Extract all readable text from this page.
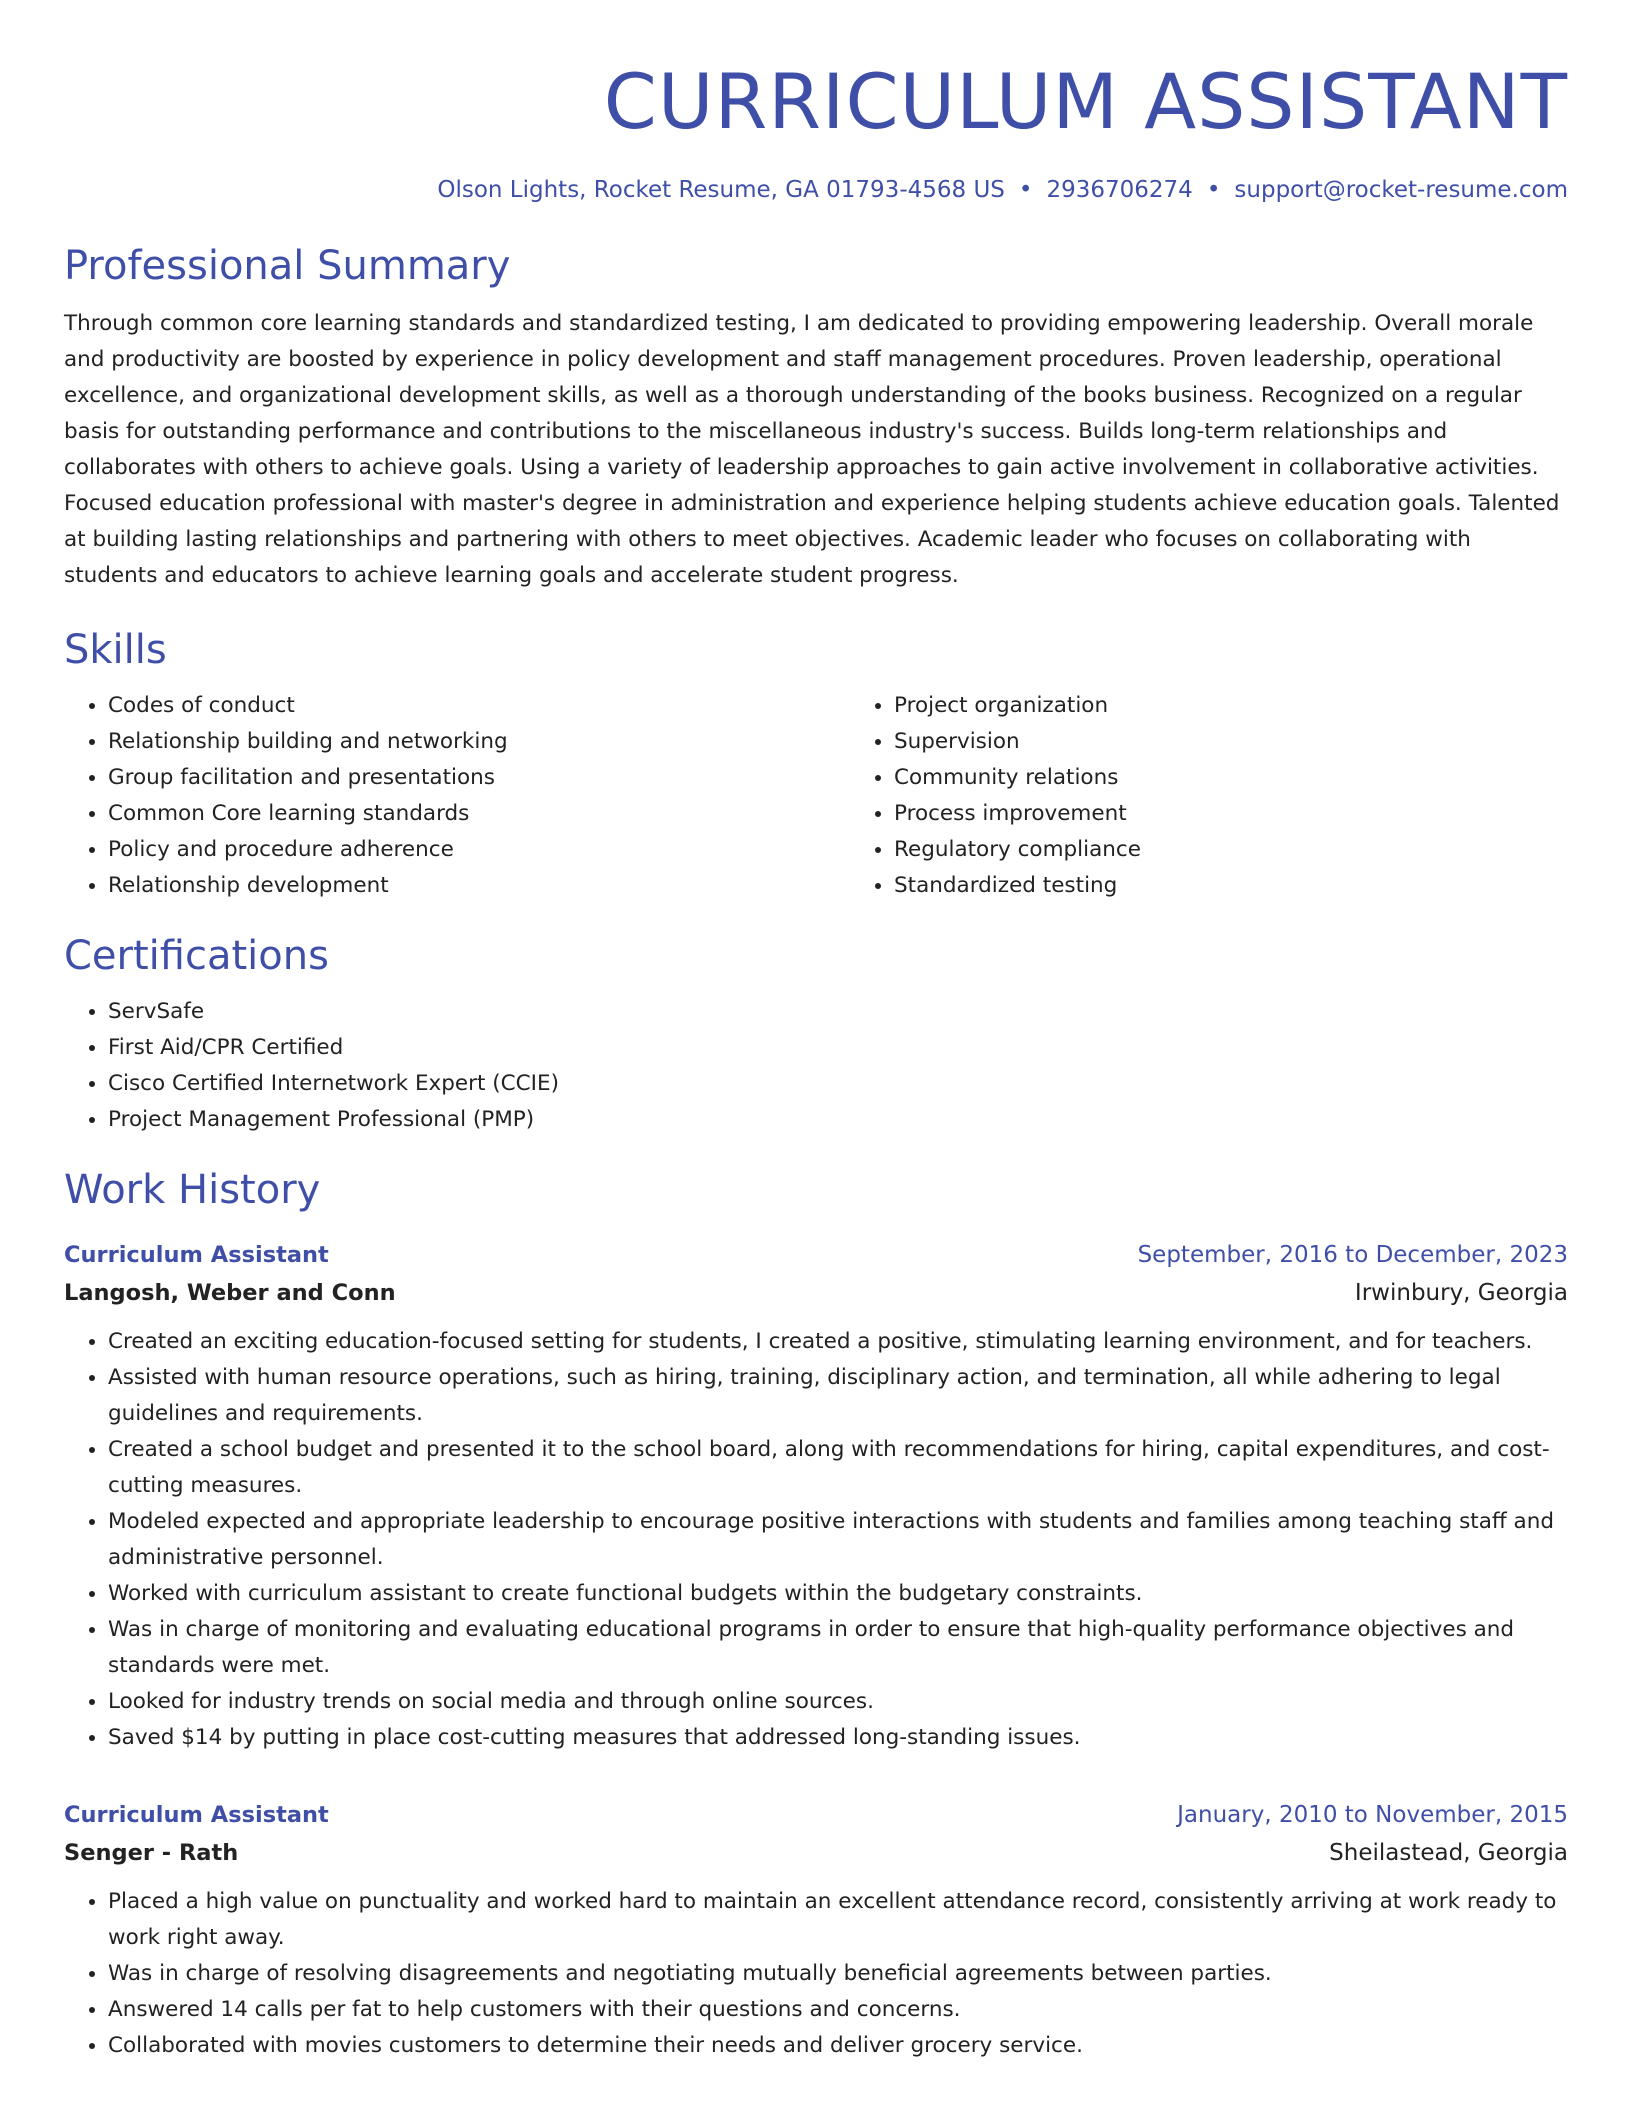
CURRICULUM ASSISTANT
Olson Lights, Rocket Resume, GA 01793-4568 US • 2936706274 • support@rocket-resume.com
Professional Summary

Through common core learning standards and standardized testing, I am dedicated to providing empowering leadership. Overall morale and productivity are boosted by experience in policy development and staff management procedures. Proven leadership, operational excellence, and organizational development skills, as well as a thorough understanding of the books business. Recognized on a regular basis for outstanding performance and contributions to the miscellaneous industry's success. Builds long-term relationships and collaborates with others to achieve goals. Using a variety of leadership approaches to gain active involvement in collaborative activities. Focused education professional with master's degree in administration and experience helping students achieve education goals. Talented at building lasting relationships and partnering with others to meet objectives. Academic leader who focuses on collaborating with students and educators to achieve learning goals and accelerate student progress.

Skills
• Codes of conduct
• Relationship building and networking
• Group facilitation and presentations
• Common Core learning standards
• Policy and procedure adherence
• Relationship development
• Project organization
• Supervision
• Community relations
• Process improvement
• Regulatory compliance
• Standardized testing
Certifications
• ServSafe
• First Aid/CPR Certified
• Cisco Certified Internetwork Expert (CCIE)
• Project Management Professional (PMP)
Work History
Curriculum Assistant	September, 2016 to December, 2023
Langosh, Weber and Conn	Irwinbury, Georgia
• Created an exciting education-focused setting for students, I created a positive, stimulating learning environment, and for teachers.
• Assisted with human resource operations, such as hiring, training, disciplinary action, and termination, all while adhering to legal guidelines and requirements.
• Created a school budget and presented it to the school board, along with recommendations for hiring, capital expenditures, and cost-cutting measures.
• Modeled expected and appropriate leadership to encourage positive interactions with students and families among teaching staff and administrative personnel.
• Worked with curriculum assistant to create functional budgets within the budgetary constraints.
• Was in charge of monitoring and evaluating educational programs in order to ensure that high-quality performance objectives and standards were met.
• Looked for industry trends on social media and through online sources.
• Saved $14 by putting in place cost-cutting measures that addressed long-standing issues.
Curriculum Assistant	January, 2010 to November, 2015
Senger - Rath	Sheilastead, Georgia
• Placed a high value on punctuality and worked hard to maintain an excellent attendance record, consistently arriving at work ready to work right away.
• Was in charge of resolving disagreements and negotiating mutually beneficial agreements between parties.
• Answered 14 calls per fat to help customers with their questions and concerns.
• Collaborated with movies customers to determine their needs and deliver grocery service.
